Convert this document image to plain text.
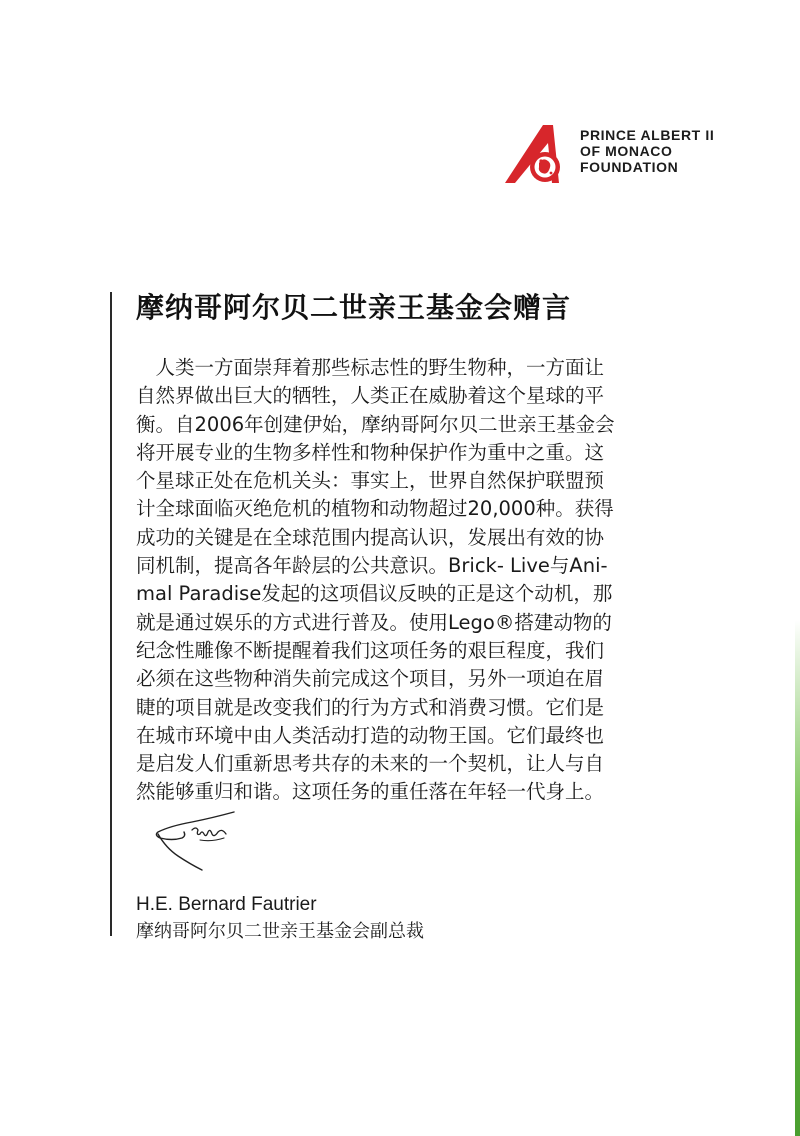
PRINCE ALBERT II
OF MONACO
FOUNDATION
摩纳哥阿尔贝二世亲王基金会赠言
　人类一方面崇拜着那些标志性的野生物种，一方面让
自然界做出巨大的牺牲，人类正在威胁着这个星球的平
衡。自2006年创建伊始，摩纳哥阿尔贝二世亲王基金会
将开展专业的生物多样性和物种保护作为重中之重。这
个星球正处在危机关头：事实上，世界自然保护联盟预
计全球面临灭绝危机的植物和动物超过20,000种。获得
成功的关键是在全球范围内提高认识，发展出有效的协
同机制，提高各年龄层的公共意识。Brick- Live与Ani-
mal Paradise发起的这项倡议反映的正是这个动机，那
就是通过娱乐的方式进行普及。使用Lego®搭建动物的
纪念性雕像不断提醒着我们这项任务的艰巨程度，我们
必须在这些物种消失前完成这个项目，另外一项迫在眉
睫的项目就是改变我们的行为方式和消费习惯。它们是
在城市环境中由人类活动打造的动物王国。它们最终也
是启发人们重新思考共存的未来的一个契机，让人与自
然能够重归和谐。这项任务的重任落在年轻一代身上。
H.E. Bernard Fautrier
摩纳哥阿尔贝二世亲王基金会副总裁
